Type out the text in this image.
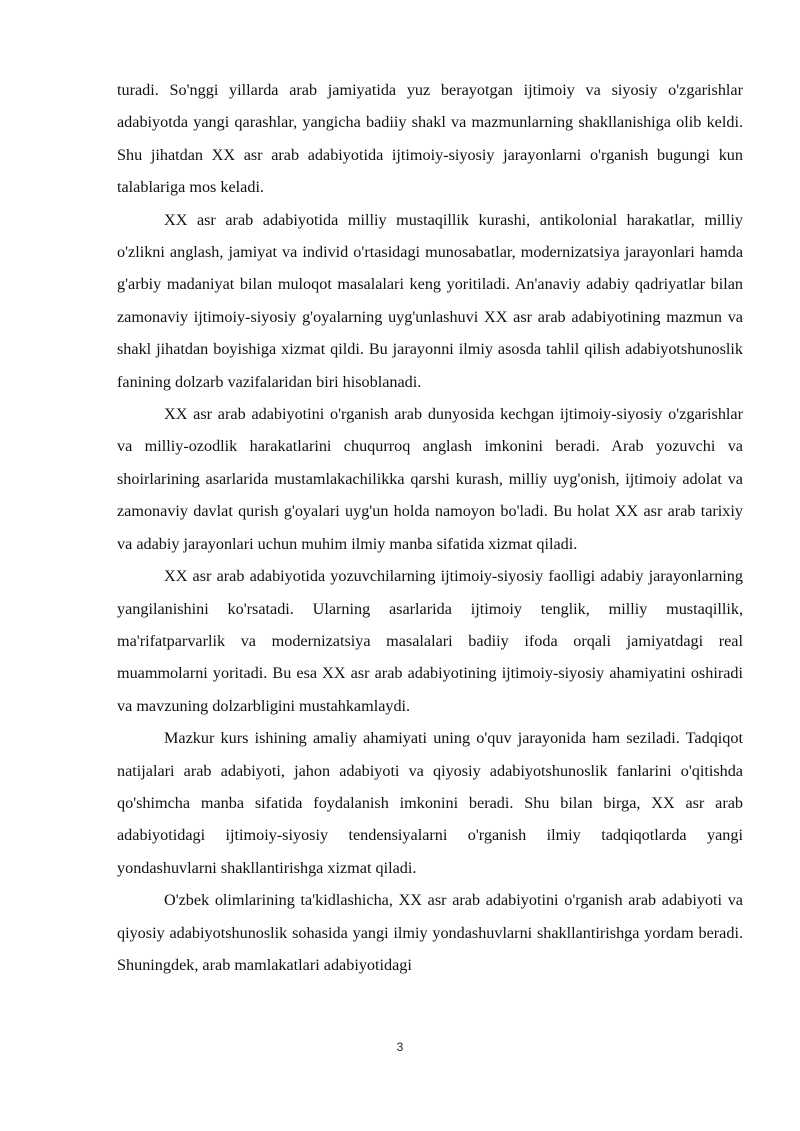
turadi. So'nggi yillarda arab jamiyatida yuz berayotgan ijtimoiy va siyosiy o'zgarishlar adabiyotda yangi qarashlar, yangicha badiiy shakl va mazmunlarning shakllanishiga olib keldi. Shu jihatdan XX asr arab adabiyotida ijtimoiy-siyosiy jarayonlarni o'rganish bugungi kun talablariga mos keladi.

XX asr arab adabiyotida milliy mustaqillik kurashi, antikolonial harakatlar, milliy o'zlikni anglash, jamiyat va individ o'rtasidagi munosabatlar, modernizatsiya jarayonlari hamda g'arbiy madaniyat bilan muloqot masalalari keng yoritiladi. An'anaviy adabiy qadriyatlar bilan zamonaviy ijtimoiy-siyosiy g'oyalarning uyg'unlashuvi XX asr arab adabiyotining mazmun va shakl jihatdan boyishiga xizmat qildi. Bu jarayonni ilmiy asosda tahlil qilish adabiyotshunoslik fanining dolzarb vazifalaridan biri hisoblanadi.

XX asr arab adabiyotini o'rganish arab dunyosida kechgan ijtimoiy-siyosiy o'zgarishlar va milliy-ozodlik harakatlarini chuqurroq anglash imkonini beradi. Arab yozuvchi va shoirlarining asarlarida mustamlakachilikka qarshi kurash, milliy uyg'onish, ijtimoiy adolat va zamonaviy davlat qurish g'oyalari uyg'un holda namoyon bo'ladi. Bu holat XX asr arab tarixiy va adabiy jarayonlari uchun muhim ilmiy manba sifatida xizmat qiladi.

XX asr arab adabiyotida yozuvchilarning ijtimoiy-siyosiy faolligi adabiy jarayonlarning yangilanishini ko'rsatadi. Ularning asarlarida ijtimoiy tenglik, milliy mustaqillik, ma'rifatparvarlik va modernizatsiya masalalari badiiy ifoda orqali jamiyatdagi real muammolarni yoritadi. Bu esa XX asr arab adabiyotining ijtimoiy-siyosiy ahamiyatini oshiradi va mavzuning dolzarbligini mustahkamlaydi.

Mazkur kurs ishining amaliy ahamiyati uning o'quv jarayonida ham seziladi. Tadqiqot natijalari arab adabiyoti, jahon adabiyoti va qiyosiy adabiyotshunoslik fanlarini o'qitishda qo'shimcha manba sifatida foydalanish imkonini beradi. Shu bilan birga, XX asr arab adabiyotidagi ijtimoiy-siyosiy tendensiyalarni o'rganish ilmiy tadqiqotlarda yangi yondashuvlarni shakllantirishga xizmat qiladi.

O'zbek olimlarining ta'kidlashicha, XX asr arab adabiyotini o'rganish arab adabiyoti va qiyosiy adabiyotshunoslik sohasida yangi ilmiy yondashuvlarni shakllantirishga yordam beradi. Shuningdek, arab mamlakatlari adabiyotidagi

3
